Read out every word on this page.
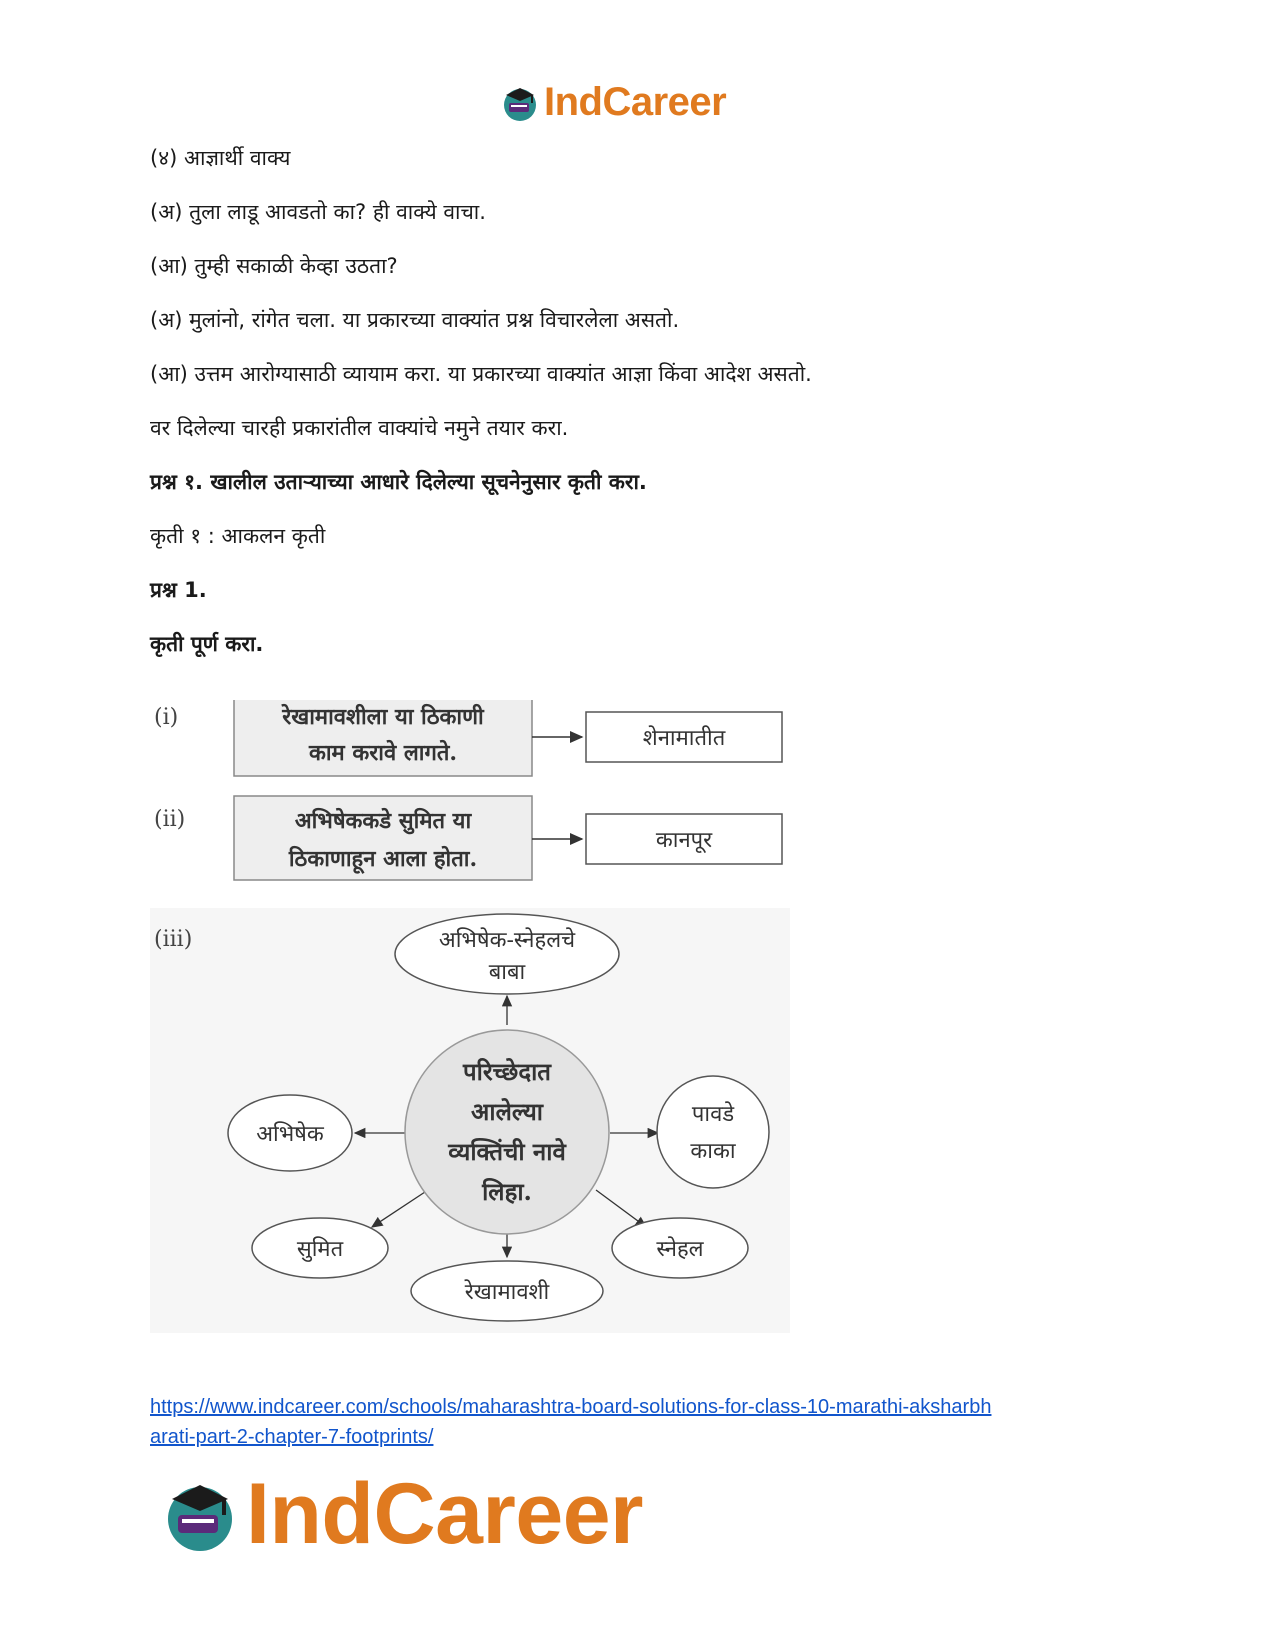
IndCareer

(४) आज्ञार्थी वाक्य

(अ) तुला लाडू आवडतो का? ही वाक्ये वाचा.

(आ) तुम्ही सकाळी केव्हा उठता?

(अ) मुलांनो, रांगेत चला. या प्रकारच्या वाक्यांत प्रश्न विचारलेला असतो.

(आ) उत्तम आरोग्यासाठी व्यायाम करा. या प्रकारच्या वाक्यांत आज्ञा किंवा आदेश असतो.

वर दिलेल्या चारही प्रकारांतील वाक्यांचे नमुने तयार करा.

प्रश्न १. खालील उताऱ्याच्या आधारे दिलेल्या सूचनेनुसार कृती करा.

कृती १ : आकलन कृती

प्रश्न 1.

कृती पूर्ण करा.

(i)	रेखामावशीला या ठिकाणी
काम करावे लागते.
शेनामातीत
(ii)	अभिषेककडे सुमित या
ठिकाणाहून आला होता.
कानपूर
(iii)
परिच्छेदात
आलेल्या
व्यक्तिंची नावे
लिहा.
अभिषेक-स्नेहलचे
बाबा
अभिषेक
पावडे
काका
सुमित	स्नेहल
रेखामावशी
https://www.indcareer.com/schools/maharashtra-board-solutions-for-class-10-marathi-aksharbh
arati-part-2-chapter-7-footprints/
IndCareer
